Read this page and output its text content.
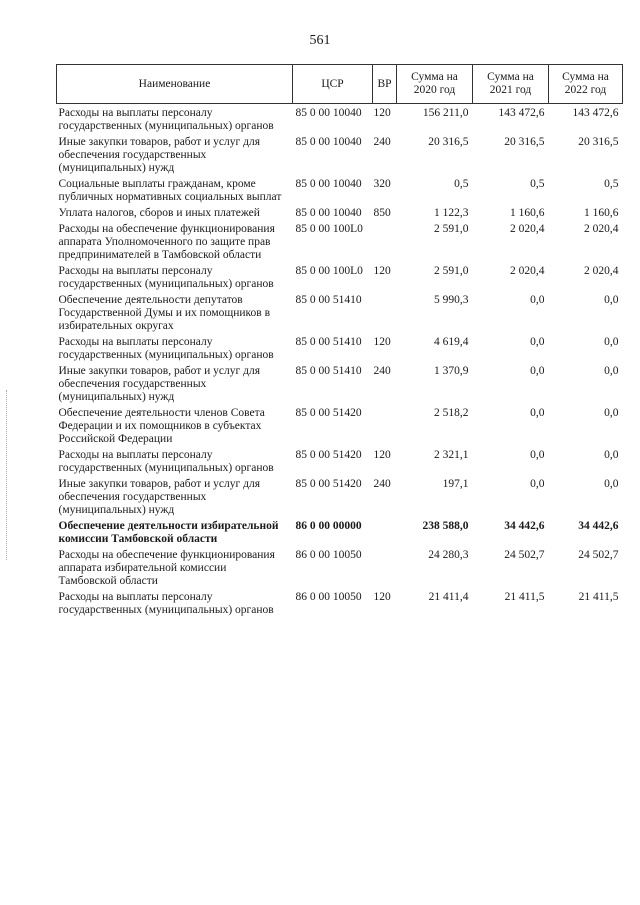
561
Наименование	ЦСР	ВР	Сумма на 2020 год	Сумма на 2021 год	Сумма на 2022 год
Расходы на выплаты персоналу государственных (муниципальных) органов	85 0 00 10040	120	156 211,0	143 472,6	143 472,6
Иные закупки товаров, работ и услуг для обеспечения государственных (муниципальных) нужд	85 0 00 10040	240	20 316,5	20 316,5	20 316,5
Социальные выплаты гражданам, кроме публичных нормативных социальных выплат	85 0 00 10040	320	0,5	0,5	0,5
Уплата налогов, сборов и иных платежей	85 0 00 10040	850	1 122,3	1 160,6	1 160,6
Расходы на обеспечение функционирования аппарата Уполномоченного по защите прав предпринимателей в Тамбовской области	85 0 00 100L0		2 591,0	2 020,4	2 020,4
Расходы на выплаты персоналу государственных (муниципальных) органов	85 0 00 100L0	120	2 591,0	2 020,4	2 020,4
Обеспечение деятельности депутатов Государственной Думы и их помощников в избирательных округах	85 0 00 51410		5 990,3	0,0	0,0
Расходы на выплаты персоналу государственных (муниципальных) органов	85 0 00 51410	120	4 619,4	0,0	0,0
Иные закупки товаров, работ и услуг для обеспечения государственных (муниципальных) нужд	85 0 00 51410	240	1 370,9	0,0	0,0
Обеспечение деятельности членов Совета Федерации и их помощников в субъектах Российской Федерации	85 0 00 51420		2 518,2	0,0	0,0
Расходы на выплаты персоналу государственных (муниципальных) органов	85 0 00 51420	120	2 321,1	0,0	0,0
Иные закупки товаров, работ и услуг для обеспечения государственных (муниципальных) нужд	85 0 00 51420	240	197,1	0,0	0,0
Обеспечение деятельности избирательной комиссии Тамбовской области	86 0 00 00000		238 588,0	34 442,6	34 442,6
Расходы на обеспечение функционирования аппарата избирательной комиссии Тамбовской области	86 0 00 10050		24 280,3	24 502,7	24 502,7
Расходы на выплаты персоналу государственных (муниципальных) органов	86 0 00 10050	120	21 411,4	21 411,5	21 411,5
